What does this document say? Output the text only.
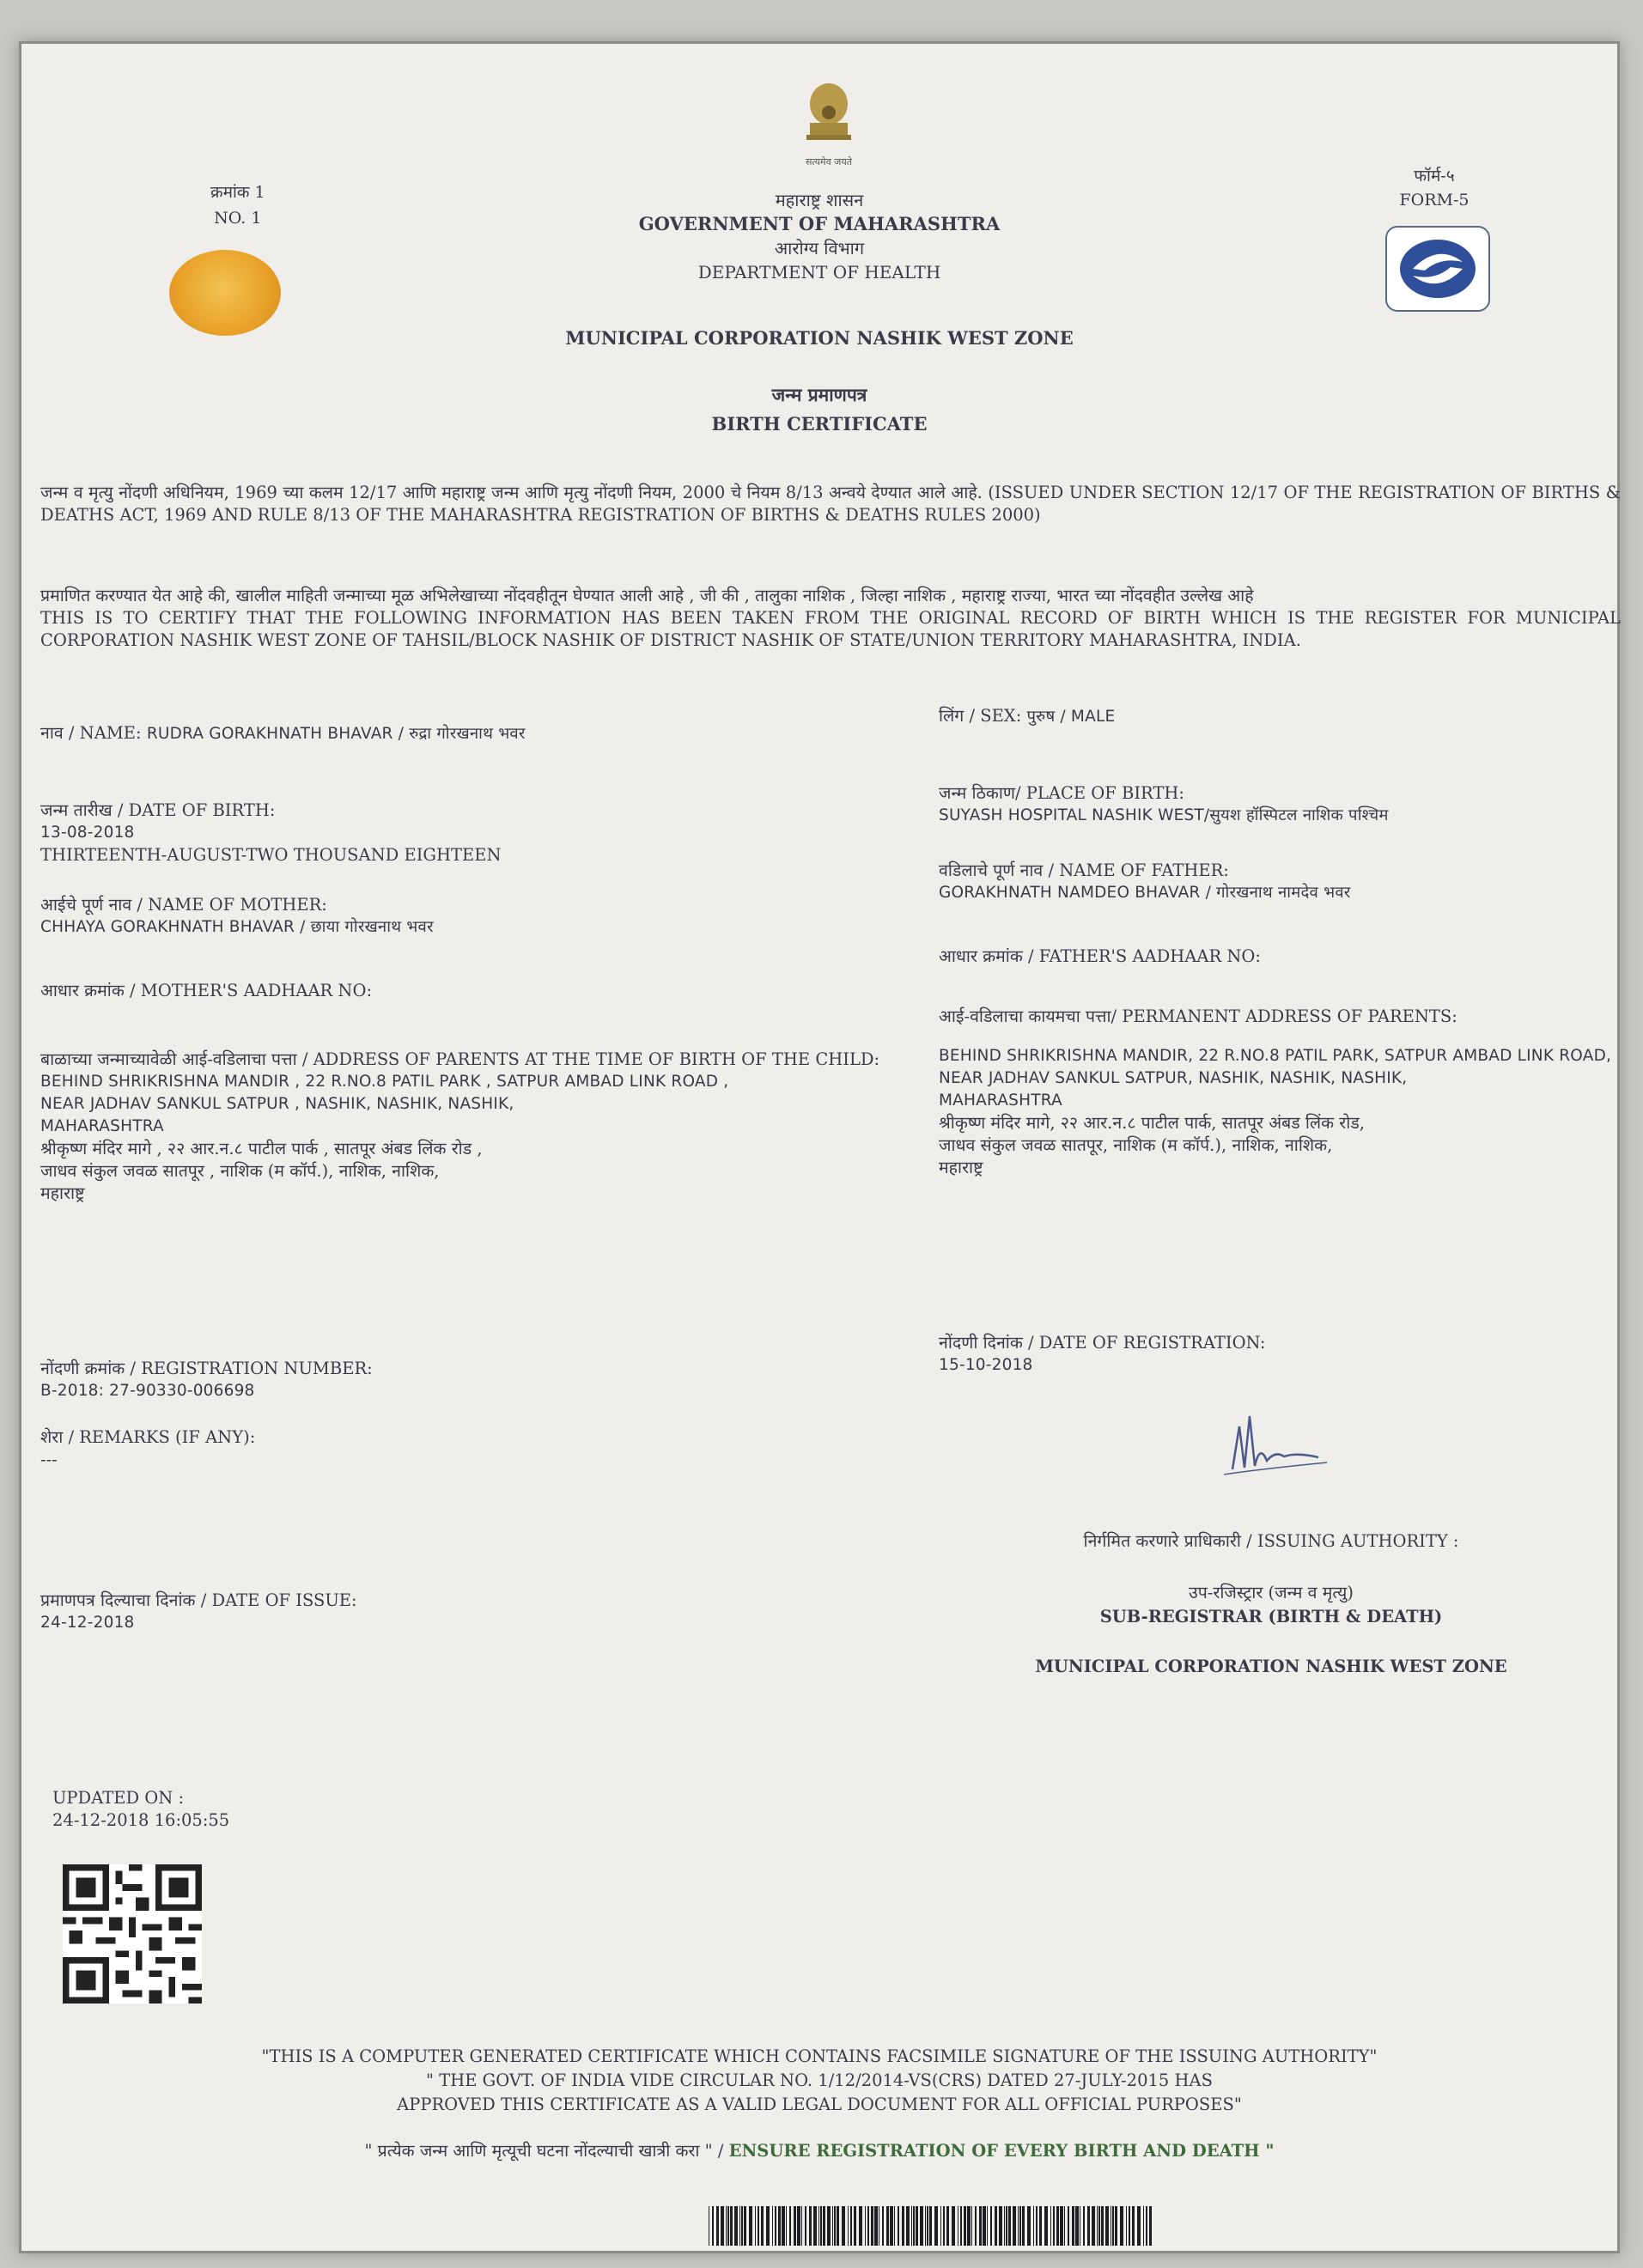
सत्यमेव जयते
क्रमांक 1
NO. 1
फॉर्म-५
FORM-5
महाराष्ट्र शासन
GOVERNMENT OF MAHARASHTRA
आरोग्य विभाग
DEPARTMENT OF HEALTH
MUNICIPAL CORPORATION NASHIK WEST ZONE
जन्म प्रमाणपत्र
BIRTH CERTIFICATE
जन्म व मृत्यु नोंदणी अधिनियम, 1969 च्या कलम 12/17 आणि महाराष्ट्र जन्म आणि मृत्यु नोंदणी नियम, 2000 चे नियम 8/13 अन्वये देण्यात आले आहे. (ISSUED UNDER SECTION 12/17 OF THE REGISTRATION OF BIRTHS & DEATHS ACT, 1969 AND RULE 8/13 OF THE MAHARASHTRA REGISTRATION OF BIRTHS & DEATHS RULES 2000)
प्रमाणित करण्यात येत आहे की, खालील माहिती जन्माच्या मूळ अभिलेखाच्या नोंदवहीतून घेण्यात आली आहे , जी की , तालुका नाशिक , जिल्हा नाशिक , महाराष्ट्र राज्या, भारत च्या नोंदवहीत उल्लेख आहे
THIS IS TO CERTIFY THAT THE FOLLOWING INFORMATION HAS BEEN TAKEN FROM THE ORIGINAL RECORD OF BIRTH WHICH IS THE REGISTER FOR MUNICIPAL CORPORATION NASHIK WEST ZONE OF TAHSIL/BLOCK NASHIK OF DISTRICT NASHIK OF STATE/UNION TERRITORY MAHARASHTRA, INDIA.
नाव / NAME: RUDRA GORAKHNATH BHAVAR / रुद्रा गोरखनाथ भवर
जन्म तारीख / DATE OF BIRTH:
13-08-2018
THIRTEENTH-AUGUST-TWO THOUSAND EIGHTEEN
आईचे पूर्ण नाव / NAME OF MOTHER:
CHHAYA GORAKHNATH BHAVAR / छाया गोरखनाथ भवर
आधार क्रमांक / MOTHER'S AADHAAR NO:
बाळाच्या जन्माच्यावेळी आई-वडिलाचा पत्ता / ADDRESS OF PARENTS AT THE TIME OF BIRTH OF THE CHILD:
BEHIND SHRIKRISHNA MANDIR , 22 R.NO.8 PATIL PARK , SATPUR AMBAD LINK ROAD ,
NEAR JADHAV SANKUL SATPUR , NASHIK, NASHIK, NASHIK,
MAHARASHTRA
श्रीकृष्ण मंदिर मागे , २२ आर.न.८ पाटील पार्क , सातपूर अंबड लिंक रोड ,
जाधव संकुल जवळ सातपूर , नाशिक (म कॉर्प.), नाशिक, नाशिक,
महाराष्ट्र
नोंदणी क्रमांक / REGISTRATION NUMBER:
B-2018: 27-90330-006698
शेरा / REMARKS (IF ANY):
---
प्रमाणपत्र दिल्याचा दिनांक / DATE OF ISSUE:
24-12-2018
लिंग / SEX: पुरुष / MALE
जन्म ठिकाण/ PLACE OF BIRTH:
SUYASH HOSPITAL NASHIK WEST/सुयश हॉस्पिटल नाशिक पश्चिम
वडिलाचे पूर्ण नाव / NAME OF FATHER:
GORAKHNATH NAMDEO BHAVAR / गोरखनाथ नामदेव भवर
आधार क्रमांक / FATHER'S AADHAAR NO:
आई-वडिलाचा कायमचा पत्ता/ PERMANENT ADDRESS OF PARENTS:
BEHIND SHRIKRISHNA MANDIR, 22 R.NO.8 PATIL PARK, SATPUR AMBAD LINK ROAD,
NEAR JADHAV SANKUL SATPUR, NASHIK, NASHIK, NASHIK,
MAHARASHTRA
श्रीकृष्ण मंदिर मागे, २२ आर.न.८ पाटील पार्क, सातपूर अंबड लिंक रोड,
जाधव संकुल जवळ सातपूर, नाशिक (म कॉर्प.), नाशिक, नाशिक,
महाराष्ट्र
नोंदणी दिनांक / DATE OF REGISTRATION:
15-10-2018
निर्गमित करणारे प्राधिकारी / ISSUING AUTHORITY :
उप-रजिस्ट्रार (जन्म व मृत्यु)
SUB-REGISTRAR (BIRTH & DEATH)
MUNICIPAL CORPORATION NASHIK WEST ZONE
UPDATED ON :
24-12-2018 16:05:55
"THIS IS A COMPUTER GENERATED CERTIFICATE WHICH CONTAINS FACSIMILE SIGNATURE OF THE ISSUING AUTHORITY"
" THE GOVT. OF INDIA VIDE CIRCULAR NO. 1/12/2014-VS(CRS) DATED 27-JULY-2015 HAS
APPROVED THIS CERTIFICATE AS A VALID LEGAL DOCUMENT FOR ALL OFFICIAL PURPOSES"
" प्रत्येक जन्म आणि मृत्यूची घटना नोंदल्याची खात्री करा " / ENSURE REGISTRATION OF EVERY BIRTH AND DEATH "
